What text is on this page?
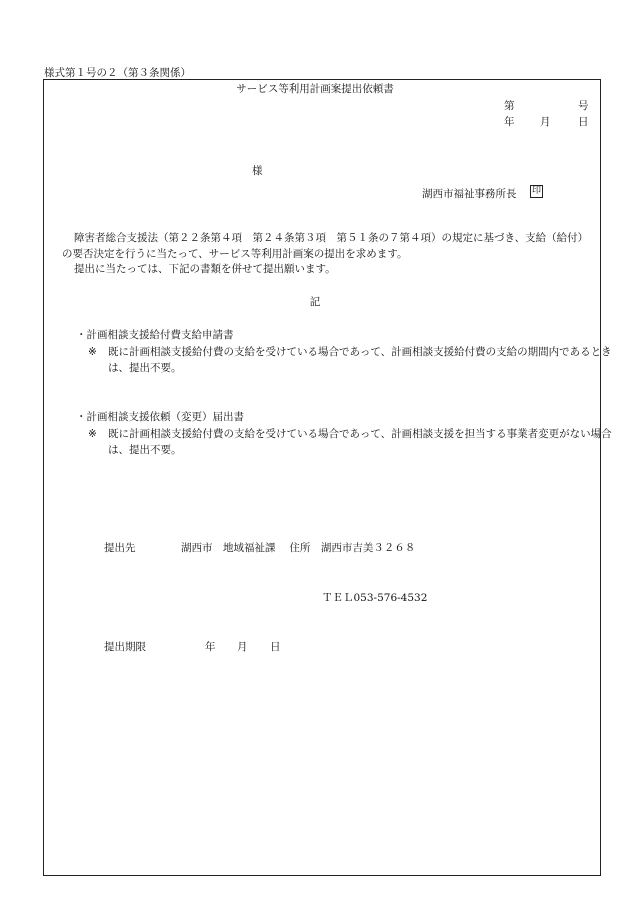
様式第１号の２（第３条関係）
サービス等利用計画案提出依頼書
第	号
年 月	日
様
湖西市福祉事務所長 印
障害者総合支援法（第２２条第４項　第２４条第３項　第５１条の７第４項）の規定に基づき、支給（給付）の要否決定を行うに当たって、サービス等利用計画案の提出を求めます。
提出に当たっては、下記の書類を併せて提出願います。
記
・計画相談支援給付費支給申請書
※ 既に計画相談支援給付費の支給を受けている場合であって、計画相談支援給付費の支給の期間内であるときは、提出不要。
・計画相談支援依頼（変更）届出書
※ 既に計画相談支援給付費の支給を受けている場合であって、計画相談支援を担当する事業者変更がない場合は、提出不要。
提出先	湖西市　地域福祉課　 住所　湖西市吉美３２６８
ＴＥＬ053-576-4532
提出期限	年 月 日
